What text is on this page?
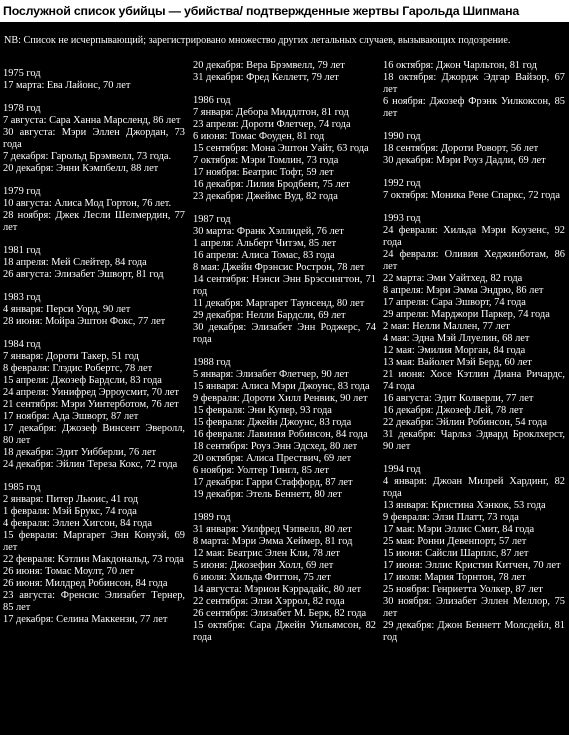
Послужной список убийцы — убийства/ подтвержденные жертвы Гарольда Шипмана
NB: Список не исчерпывающий; зарегистрировано множество других летальных случаев, вызывающих подозрение.
1975 год
17 марта: Ева Лайонс, 70 лет
1978 год
7 августа: Сара Ханна Марсленд, 86 лет
30 августа: Мэри Эллен Джордан, 73 года
7 декабря: Гарольд Брэмвелл, 73 года.
20 декабря: Энни Кэмпбелл, 88 лет
1979 год
10 августа: Алиса Мод Гортон, 76 лет.
28 ноября: Джек Лесли Шелмердин, 77 лет
1981 год
18 апреля: Мей Слейтер, 84 года
26 августа: Элизабет Эшворт, 81 год
1983 год
4 января: Перси Уорд, 90 лет
28 июня: Мойра Эштон Фокс, 77 лет
1984 год
7 января: Дороти Такер, 51 год
8 февраля: Глэдис Робертс, 78 лет
15 апреля: Джозеф Бардсли, 83 года
24 апреля: Уинифред Эрроусмит, 70 лет
21 сентября: Мэри Уинтерботом, 76 лет
17 ноября: Ада Эшворт, 87 лет
17 декабря: Джозеф Винсент Эверолл, 80 лет
18 декабря: Эдит Уибберли, 76 лет
24 декабря: Эйлин Тереза Кокс, 72 года
1985 год
2 января: Питер Льюис, 41 год
1 февраля: Мэй Брукс, 74 года
4 февраля: Эллен Хигсон, 84 года
15 февраля: Маргарет Энн Конуэй, 69 лет
22 февраля: Кэтлин Макдональд, 73 года
26 июня: Томас Моулт, 70 лет
26 июня: Милдред Робинсон, 84 года
23 августа: Френсис Элизабет Тернер, 85 лет
17 декабря: Селина Маккензи, 77 лет
20 декабря: Вера Брэмвелл, 79 лет
31 декабря: Фред Келлетт, 79 лет
1986 год
7 января: Дебора Миддлтон, 81 год
23 апреля: Дороти Флетчер, 74 года
6 июня: Томас Фоуден, 81 год
15 сентября: Мона Эштон Уайт, 63 года
7 октября: Мэри Томлин, 73 года
17 ноября: Беатрис Тофт, 59 лет
16 декабря: Лилия Бродбент, 75 лет
23 декабря: Джеймс Вуд, 82 года
1987 год
30 марта: Франк Хэллидей, 76 лет
1 апреля: Альберт Читэм, 85 лет
16 апреля: Алиса Томас, 83 года
8 мая: Джейн Фрэнсис Ростро́н, 78 лет
14 сентября: Нэнси Энн Брэссингтон, 71 год
11 декабря: Маргарет Таунсенд, 80 лет
29 декабря: Нелли Бардсли, 69 лет
30 декабря: Элизабет Энн Роджерс, 74 года
1988 год
5 января: Элизабет Флетчер, 90 лет
15 января: Алиса Мэри Джоунс, 83 года
9 февраля: Дороти Хилл Ренвик, 90 лет
15 февраля: Эни Купер, 93 года
15 февраля: Джейн Джоунс, 83 года
16 февраля: Лавиния Робинсон, 84 года
18 сентября: Роуз Энн Эдсхед, 80 лет
20 октября: Алиса Прествич, 69 лет
6 ноября: Уолтер Тингл, 85 лет
17 декабря: Гарри Стаффорд, 87 лет
19 декабря: Этель Беннетт, 80 лет
1989 год
31 января: Уилфред Чэпвелл, 80 лет
8 марта: Мэри Эмма Хеймер, 81 год
12 мая: Беатрис Элен Кли, 78 лет
5 июня: Джозефин Холл, 69 лет
6 июля: Хильда Фиттон, 75 лет
14 августа: Мэрион Кэррадайс, 80 лет
22 сентября: Элзи Хэррол, 82 года
26 сентября: Элизабет М. Берк, 82 года
15 октября: Сара Джейн Уильямсон, 82 года
16 октября: Джон Чарльтон, 81 год
18 октября: Джордж Эдгар Вайзор, 67 лет
6 ноября: Джозеф Фрэнк Уилкоксон, 85 лет
1990 год
18 сентября: Дороти Роворт, 56 лет
30 декабря: Мэри Роуз Дадли, 69 лет
1992 год
7 октября: Моника Рене Спаркс, 72 года
1993 год
24 февраля: Хильда Мэри Коузенс, 92 года
24 февраля: Оливия Хеджинботам, 86 лет
22 марта: Эми Уайтхед, 82 года
8 апреля: Мэри Эмма Эндрю, 86 лет
17 апреля: Сара Эшворт, 74 года
29 апреля: Марджори Паркер, 74 года
2 мая: Нелли Маллен, 77 лет
4 мая: Эдна Мэй Ллуелин, 68 лет
12 мая: Эмилия Морган, 84 года
13 мая: Вайолет Мэй Берд, 60 лет
21 июня: Хосе Кэтлин Диана Ричардс, 74 года
16 августа: Эдит Колверли, 77 лет
16 декабря: Джозеф Лей, 78 лет
22 декабря: Эйлин Робинсон, 54 года
31 декабря: Чарльз Эдвард Броклхерст, 90 лет
1994 год
4 января: Джоан Милрей Хардинг, 82 года
13 января: Кристина Хэнкок, 53 года
9 февраля: Элзи Платт, 73 года
17 мая: Мэри Эллис Смит, 84 года
25 мая: Ронни Девенпорт, 57 лет
15 июня: Сайсли Шарплс, 87 лет
17 июня: Эллис Кристин Китчен, 70 лет
17 июля: Мария Торнтон, 78 лет
25 ноября: Генриетта Уолкер, 87 лет
30 ноября: Элизабет Эллен Меллор, 75 лет
29 декабря: Джон Беннетт Молсдейл, 81 год
